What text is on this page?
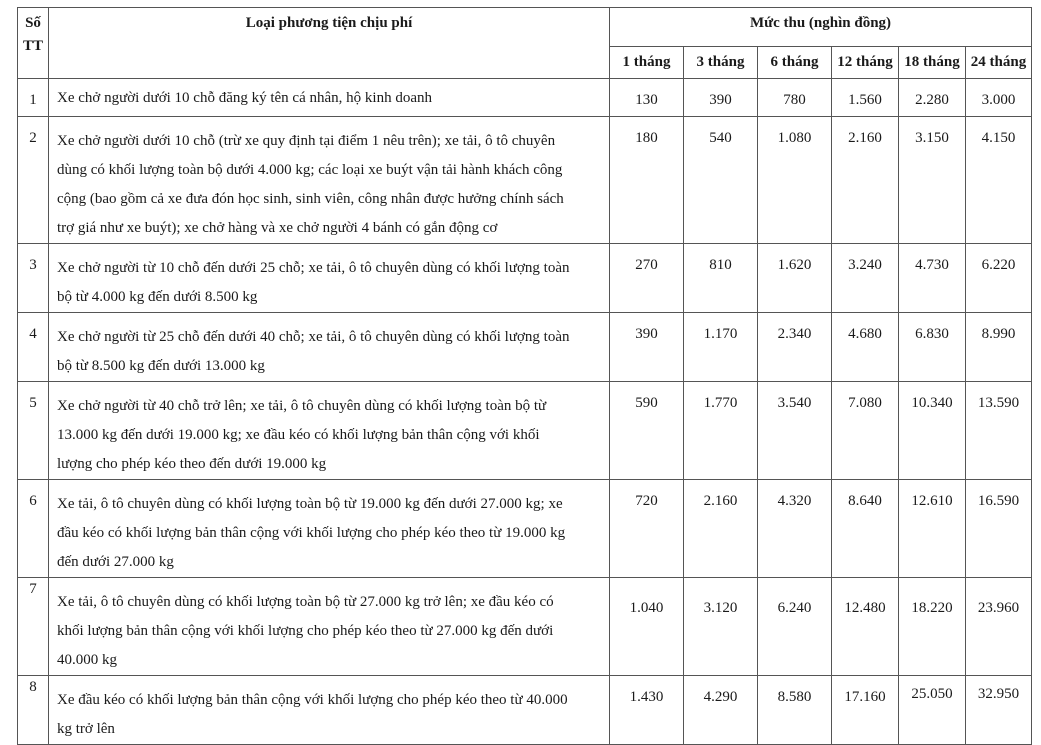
Số
TT	Loại phương tiện chịu phí	Mức thu (nghìn đồng)					
		1 tháng	3 tháng	6 tháng	12 tháng	18 tháng	24 tháng
1	Xe chở người dưới 10 chỗ đăng ký tên cá nhân, hộ kinh doanh	130	390	780	1.560	2.280	3.000
2	Xe chở người dưới 10 chỗ (trừ xe quy định tại điểm 1 nêu trên); xe tải, ô tô chuyên
dùng có khối lượng toàn bộ dưới 4.000 kg; các loại xe buýt vận tải hành khách công
cộng (bao gồm cả xe đưa đón học sinh, sinh viên, công nhân được hưởng chính sách
trợ giá như xe buýt); xe chở hàng và xe chở người 4 bánh có gắn động cơ	180	540	1.080	2.160	3.150	4.150
3	Xe chở người từ 10 chỗ đến dưới 25 chỗ; xe tải, ô tô chuyên dùng có khối lượng toàn
bộ từ 4.000 kg đến dưới 8.500 kg	270	810	1.620	3.240	4.730	6.220
4	Xe chở người từ 25 chỗ đến dưới 40 chỗ; xe tải, ô tô chuyên dùng có khối lượng toàn
bộ từ 8.500 kg đến dưới 13.000 kg	390	1.170	2.340	4.680	6.830	8.990
5	Xe chở người từ 40 chỗ trở lên; xe tải, ô tô chuyên dùng có khối lượng toàn bộ từ
13.000 kg đến dưới 19.000 kg; xe đầu kéo có khối lượng bản thân cộng với khối
lượng cho phép kéo theo đến dưới 19.000 kg	590	1.770	3.540	7.080	10.340	13.590
6	Xe tải, ô tô chuyên dùng có khối lượng toàn bộ từ 19.000 kg đến dưới 27.000 kg; xe
đầu kéo có khối lượng bản thân cộng với khối lượng cho phép kéo theo từ 19.000 kg
đến dưới 27.000 kg	720	2.160	4.320	8.640	12.610	16.590
7	Xe tải, ô tô chuyên dùng có khối lượng toàn bộ từ 27.000 kg trở lên; xe đầu kéo có
khối lượng bản thân cộng với khối lượng cho phép kéo theo từ 27.000 kg đến dưới
40.000 kg	1.040	3.120	6.240	12.480	18.220	23.960
8	Xe đầu kéo có khối lượng bản thân cộng với khối lượng cho phép kéo theo từ 40.000
kg trở lên	1.430	4.290	8.580	17.160	25.050	32.950
